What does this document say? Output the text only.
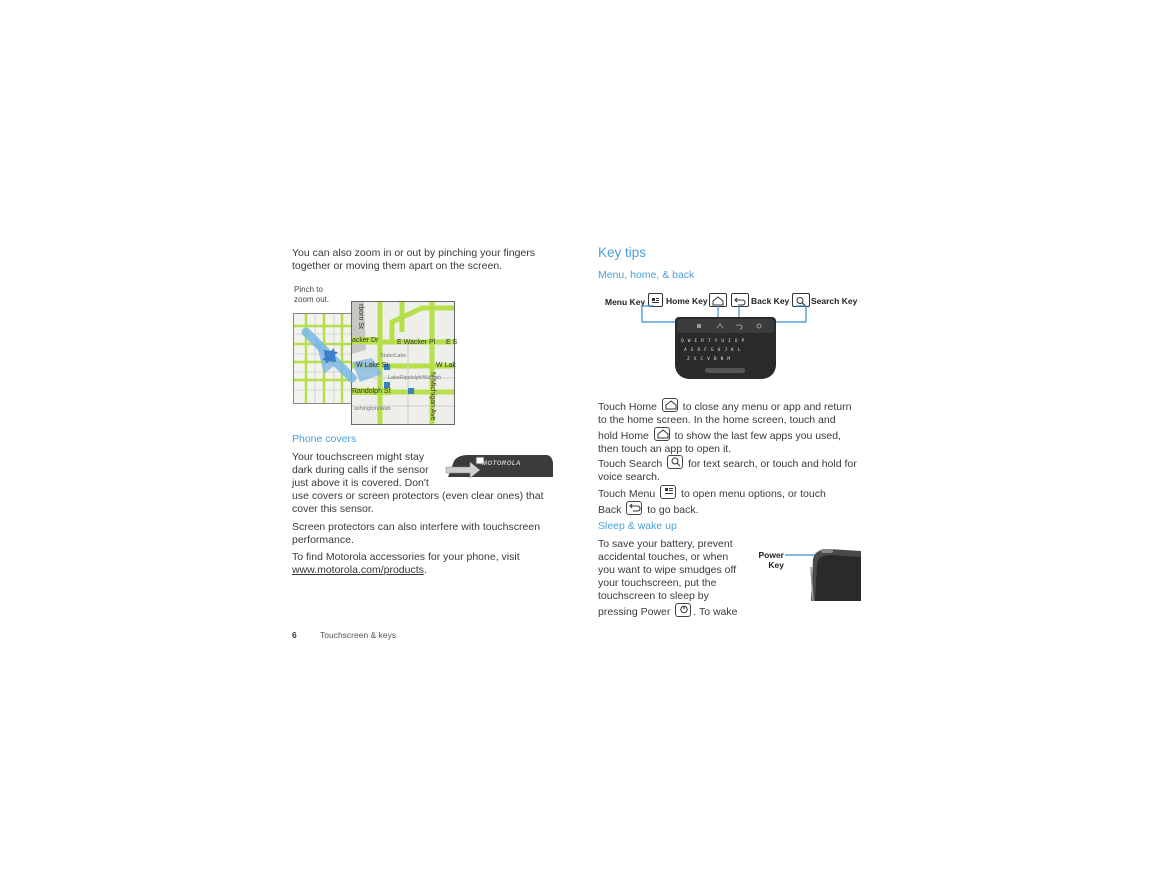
You can also zoom in or out by pinching your fingers together or moving them apart on the screen.

Pinch to
zoom out.
rborn St
acker Dr	E Wacker Pl E S
W Lake St	W Lak
Randolph St	N Michigan Ave
State/Lake
Lake Randolph/Wabash
ashington/Wab
Phone covers

Your touchscreen might stay

dark during calls if the sensor

just above it is covered. Don't

use covers or screen protectors (even clear ones) that

cover this sensor.

MOTOROLA

Screen protectors can also interfere with touchscreen performance.

To find Motorola accessories for your phone, visit

www.motorola.com/products.

Key tips
Menu, home, & back
Menu Key Home Key	Back Key	Search Key
QWERTYUIOP
ASDFGHJKL
ZXCVBNM

Touch Home to close any menu or app and return

to the home screen. In the home screen, touch and

hold Home to show the last few apps you used,

then touch an app to open it.

Touch Search for text search, or touch and hold for

voice search.

Touch Menu to open menu options, or touch

Back to go back.

Sleep & wake up

To save your battery, prevent

accidental touches, or when

you want to wipe smudges off

your touchscreen, put the

touchscreen to sleep by

pressing Power . To wake

Power
Key
6	Touchscreen & keys
